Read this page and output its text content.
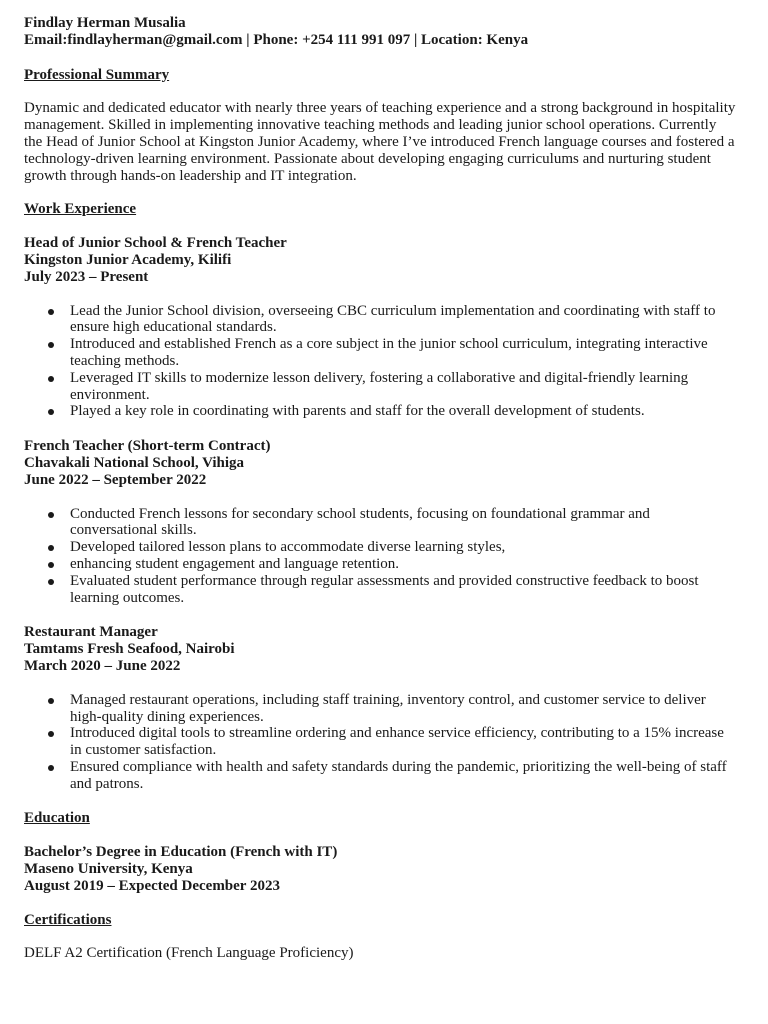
Findlay Herman Musalia
Email:findlayherman@gmail.com | Phone: +254 111 991 097 | Location: Kenya

Professional Summary

Dynamic and dedicated educator with nearly three years of teaching experience and a strong background in hospitality management. Skilled in implementing innovative teaching methods and leading junior school operations. Currently the Head of Junior School at Kingston Junior Academy, where I’ve introduced French language courses and fostered a technology-driven learning environment. Passionate about developing engaging curriculums and nurturing student growth through hands-on leadership and IT integration.

Work Experience

Head of Junior School & French Teacher
Kingston Junior Academy, Kilifi
July 2023 – Present
Lead the Junior School division, overseeing CBC curriculum implementation and coordinating with staff to ensure high educational standards.
Introduced and established French as a core subject in the junior school curriculum, integrating interactive teaching methods.
Leveraged IT skills to modernize lesson delivery, fostering a collaborative and digital-friendly learning environment.
Played a key role in coordinating with parents and staff for the overall development of students.
French Teacher (Short-term Contract)
Chavakali National School, Vihiga
June 2022 – September 2022
Conducted French lessons for secondary school students, focusing on foundational grammar and conversational skills.
Developed tailored lesson plans to accommodate diverse learning styles,
enhancing student engagement and language retention.
Evaluated student performance through regular assessments and provided constructive feedback to boost learning outcomes.
Restaurant Manager
Tamtams Fresh Seafood, Nairobi
March 2020 – June 2022
Managed restaurant operations, including staff training, inventory control, and customer service to deliver high-quality dining experiences.
Introduced digital tools to streamline ordering and enhance service efficiency, contributing to a 15% increase in customer satisfaction.
Ensured compliance with health and safety standards during the pandemic, prioritizing the well-being of staff and patrons.

Education

Bachelor’s Degree in Education (French with IT)
Maseno University, Kenya
August 2019 – Expected December 2023

Certifications

DELF A2 Certification (French Language Proficiency)
